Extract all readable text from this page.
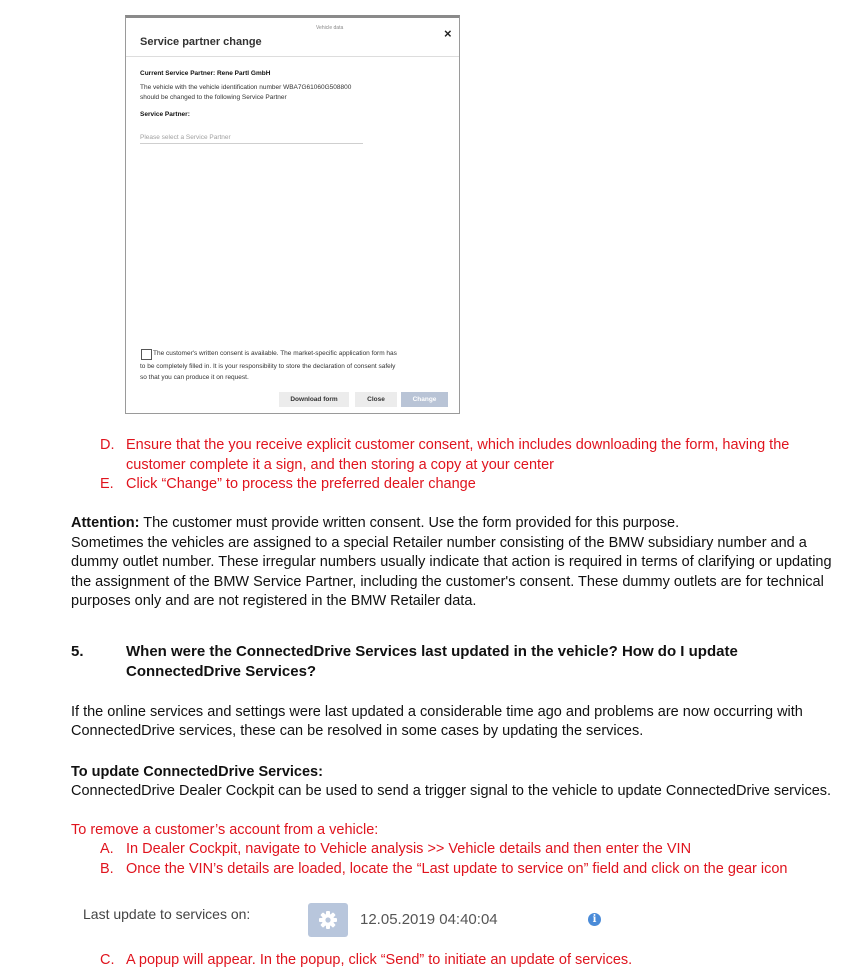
Vehicle data
Service partner change
×
Current Service Partner: Rene Partl GmbH
The vehicle with the vehicle identification number WBA7G61060G508800
should be changed to the following Service Partner
Service Partner:
Please select a Service Partner
The customer's written consent is available. The market-specific application form has
to be completely filled in. It is your responsibility to store the declaration of consent safely
so that you can produce it on request.
Download form	Close	Change
D. Ensure that the you receive explicit customer consent, which includes downloading the form, having the
customer complete it a sign, and then storing a copy at your center
E. Click “Change” to process the preferred dealer change
Attention: The customer must provide written consent. Use the form provided for this purpose.
Sometimes the vehicles are assigned to a special Retailer number consisting of the BMW subsidiary number and a
dummy outlet number. These irregular numbers usually indicate that action is required in terms of clarifying or updating
the assignment of the BMW Service Partner, including the customer's consent. These dummy outlets are for technical
purposes only and are not registered in the BMW Retailer data.
5.	When were the ConnectedDrive Services last updated in the vehicle? How do I update
ConnectedDrive Services?
If the online services and settings were last updated a considerable time ago and problems are now occurring with
ConnectedDrive services, these can be resolved in some cases by updating the services.
To update ConnectedDrive Services:
ConnectedDrive Dealer Cockpit can be used to send a trigger signal to the vehicle to update ConnectedDrive services.
To remove a customer’s account from a vehicle:
A. In Dealer Cockpit, navigate to Vehicle analysis >> Vehicle details and then enter the VIN
B. Once the VIN’s details are loaded, locate the “Last update to service on” field and click on the gear icon
Last update to services on:	12.05.2019 04:40:04	i
C. A popup will appear. In the popup, click “Send” to initiate an update of services.
